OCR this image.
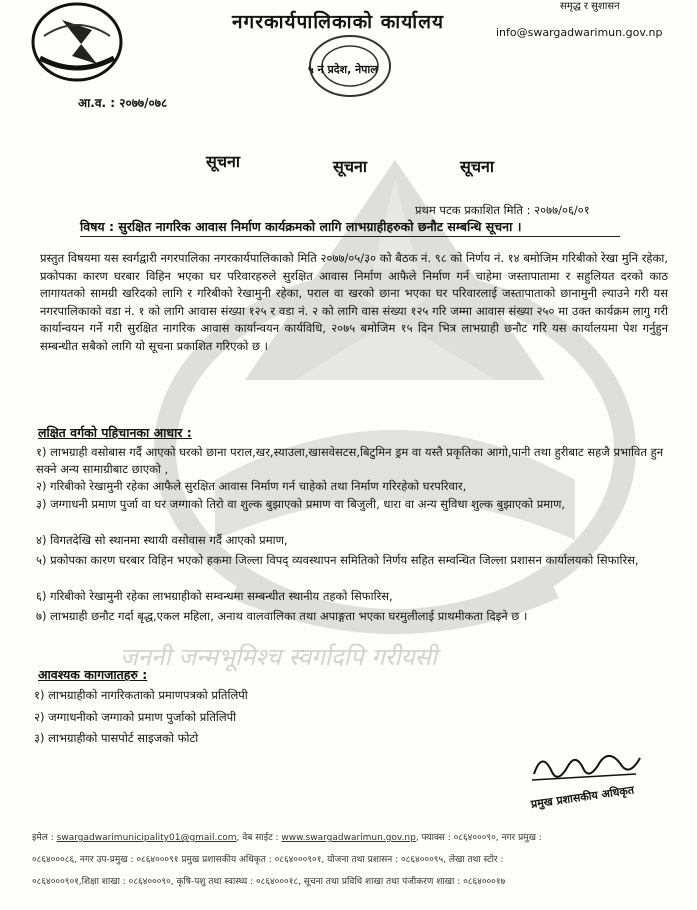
जननी जन्मभूमिश्च स्वर्गादपि गरीयसी
समृद्ध र सुशासन
नगरकार्यपालिकाको कार्यालय	info@swargadwarimun.gov.np
५ नं प्रदेश, नेपाल
आ.व. : २०७७/०७८
सूचना	सूचना	सूचना
प्रथम पटक प्रकाशित मिति : २०७७/०६/०१
विषय : सुरक्षित नागरिक आवास निर्माण कार्यक्रमको लागि लाभग्राहीहरुको छनौट सम्बन्धि सूचना ।
प्रस्तुत विषयमा यस स्वर्गद्वारी नगरपालिका नगरकार्यपालिकाको मिति २०७७/०५/३० को बैठक नं. ९८ को निर्णय नं. १४ बमोजिम गरिबीको रेखा मुनि रहेका, प्रकोपका कारण घरबार विहिन भएका घर परिवारहरुले सुरक्षित आवास निर्माण आफैले निर्माण गर्न चाहेमा जस्तापातामा र सहुलियत दरको काठ लागायतको सामग्री खरिदको लागि र गरिबीको रेखामुनी रहेका, पराल वा खरको छाना भएका घर परिवारलाई जस्तापाताको छानामुनी ल्याउने गरी यस नगरपालिकाको वडा नं. १ को लागि आवास संख्या १२५ र वडा नं. २ को लागि वास संख्या १२५ गरि जम्मा आवास संख्या २५० मा उक्त कार्यक्रम लागु गरी कार्यान्वयन गर्ने गरी सुरक्षित नागरिक आवास कार्यान्वयन कार्यविधि, २०७५ बमोजिम १५ दिन भित्र लाभग्राही छनौट गरि यस कार्यालयमा पेश गर्नुहुन सम्बन्धीत सबैको लागि यो सूचना प्रकाशित गरिएको छ ।
लक्षित वर्गको पहिचानका आधार :
१) लाभग्राही वसोबास गर्दै आएको घरको छाना पराल,खर,स्याउला,खासवेसटस,बिटुमिन ड्रम वा यस्तै प्रकृतिका आगो,पानी तथा हुरीबाट सहजै प्रभावित हुन सक्ने अन्य सामाग्रीबाट छाएको ,
२) गरिबीको रेखामुनी रहेका आफैले सुरक्षित आवास निर्माण गर्न चाहेको तथा निर्माण गरिरहेको घरपरिवार,
३) जग्गाधनी प्रमाण पुर्जा वा घर जग्गाको तिरो वा शुल्क बुझाएको प्रमाण वा बिजुली, धारा वा अन्य सुविधा शुल्क बुझाएको प्रमाण,
४) विगतदेखि सो स्थानमा स्थायी वसोवास गर्दै आएको प्रमाण,
५) प्रकोपका कारण घरबार विहिन भएको हकमा जिल्ला विपद् व्यवस्थापन समितिको निर्णय सहित सम्वन्धित जिल्ला प्रशासन कार्यालयको सिफारिस,
६) गरिबीको रेखामुनी रहेका लाभग्राहीको सम्वन्धमा सम्बन्धीत स्थानीय तहको सिफारिस,
७) लाभग्राही छनौट गर्दा बृद्ध,एकल महिला, अनाथ वालवालिका तथा अपाङ्गता भएका घरमुलीलाई प्राथमीकता दिइने छ ।
आवश्यक कागजातहरु :
१) लाभग्राहीको नागरिकताको प्रमाणपत्रको प्रतिलिपी
२) जग्गाधनीको जग्गाको प्रमाण पुर्जाको प्रतिलिपी
३) लाभग्राहीको पासपोर्ट साइजको फोटो
प्रमुख प्रशासकीय अधिकृत
इमेल : swargadwarimunicipality01@gmail.com, वेब साईट : www.swargadwarimun.gov.np, फ्याक्स : ०८६४०००९०, नगर प्रमुख :
०८६४०००८६, नगर उप-प्रमुख : ०८६४०००९१ प्रमुख प्रशासकीय अधिकृत : ०८६४०००९०१, योजना तथा प्रशासन : ०८६४०००९५, लेखा तथा स्टोर :
०८६४०००९०१,शिक्षा शाखा : ०८६४०००९०, कृषि-पशु तथा स्वास्थ्य : ०८६४०००१८, सूचना तथा प्रविधि शाखा तथा पंजीकरण शाखा : ०८६४०००१७
